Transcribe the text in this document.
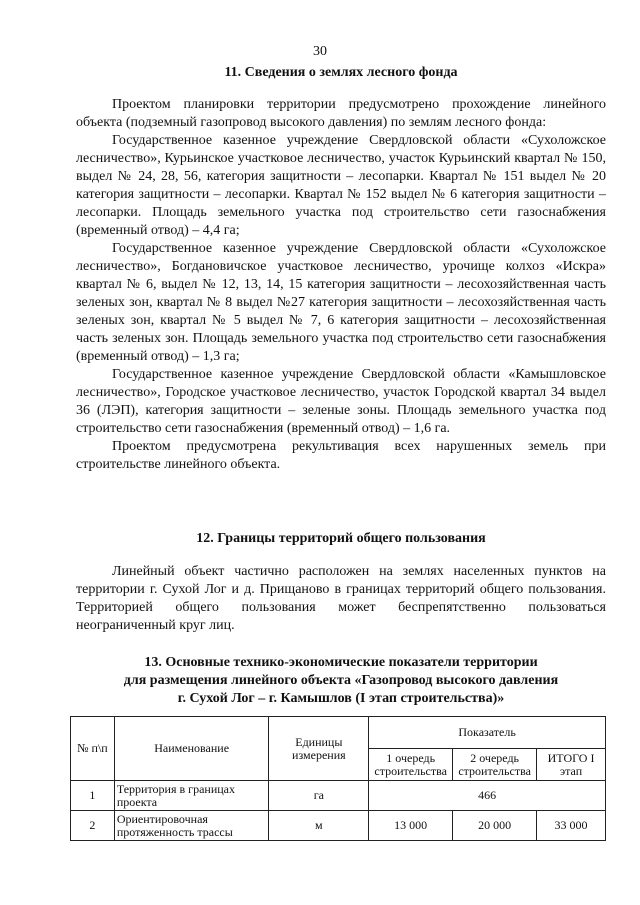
30
11. Сведения о землях лесного фонда

Проектом планировки территории предусмотрено прохождение линейного объекта (подземный газопровод высокого давления) по землям лесного фонда:

Государственное казенное учреждение Свердловской области «Сухоложское лесничество», Курьинское участковое лесничество, участок Курьинский квартал № 150, выдел № 24, 28, 56, категория защитности – лесопарки. Квартал № 151 выдел № 20 категория защитности – лесопарки. Квартал № 152 выдел № 6 категория защитности – лесопарки. Площадь земельного участка под строительство сети газоснабжения (временный отвод) – 4,4 га;

Государственное казенное учреждение Свердловской области «Сухоложское лесничество», Богдановичское участковое лесничество, урочище колхоз «Искра» квартал № 6, выдел № 12, 13, 14, 15 категория защитности – лесохозяйственная часть зеленых зон, квартал № 8 выдел №27 категория защитности – лесохозяйственная часть зеленых зон, квартал № 5 выдел № 7, 6 категория защитности – лесохозяйственная часть зеленых зон. Площадь земельного участка под строительство сети газоснабжения (временный отвод) – 1,3 га;

Государственное казенное учреждение Свердловской области «Камышловское лесничество», Городское участковое лесничество, участок Городской квартал 34 выдел 36 (ЛЭП), категория защитности – зеленые зоны. Площадь земельного участка под строительство сети газоснабжения (временный отвод) – 1,6 га.

Проектом предусмотрена рекультивация всех нарушенных земель при строительстве линейного объекта.

12. Границы территорий общего пользования

Линейный объект частично расположен на землях населенных пунктов на территории г. Сухой Лог и д. Прищаново в границах территорий общего пользования. Территорией общего пользования может беспрепятственно пользоваться неограниченный круг лиц.

13. Основные технико-экономические показатели территории
для размещения линейного объекта «Газопровод высокого давления
г. Сухой Лог – г. Камышлов (I этап строительства)»
№ п\п	Наименование	Единицы измерения	Показатель		
			1 очередь строительства	2 очередь строительства	ИТОГО I этап
1	Территория в границах проекта	га	466		
2	Ориентировочная протяженность трассы	м	13 000	20 000	33 000
